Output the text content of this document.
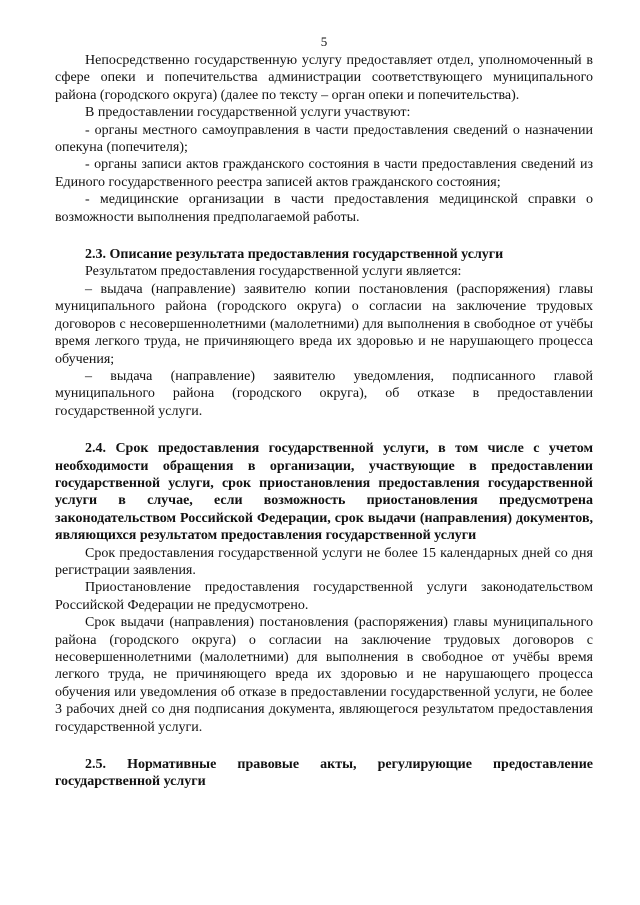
5

Непосредственно государственную услугу предоставляет отдел, уполномоченный в сфере опеки и попечительства администрации соответствующего муниципального района (городского округа) (далее по тексту – орган опеки и попечительства).

В предоставлении государственной услуги участвуют:

- органы местного самоуправления в части предоставления сведений о назначении опекуна (попечителя);

- органы записи актов гражданского состояния в части предоставления сведений из Единого государственного реестра записей актов гражданского состояния;

- медицинские организации в части предоставления медицинской справки о возможности выполнения предполагаемой работы.

2.3. Описание результата предоставления государственной услуги

Результатом предоставления государственной услуги является:

– выдача (направление) заявителю копии постановления (распоряжения) главы муниципального района (городского округа) о согласии на заключение трудовых договоров с несовершеннолетними (малолетними) для выполнения в свободное от учёбы время легкого труда, не причиняющего вреда их здоровью и не нарушающего процесса обучения;

– выдача (направление) заявителю уведомления, подписанного главой муниципального района (городского округа), об отказе в предоставлении государственной услуги.

2.4. Срок предоставления государственной услуги, в том числе с учетом необходимости обращения в организации, участвующие в предоставлении государственной услуги, срок приостановления предоставления государственной услуги в случае, если возможность приостановления предусмотрена законодательством Российской Федерации, срок выдачи (направления) документов, являющихся результатом предоставления государственной услуги

Срок предоставления государственной услуги не более 15 календарных дней со дня регистрации заявления.

Приостановление предоставления государственной услуги законодательством Российской Федерации не предусмотрено.

Срок выдачи (направления) постановления (распоряжения) главы муниципального района (городского округа) о согласии на заключение трудовых договоров с несовершеннолетними (малолетними) для выполнения в свободное от учёбы время легкого труда, не причиняющего вреда их здоровью и не нарушающего процесса обучения или уведомления об отказе в предоставлении государственной услуги, не более 3 рабочих дней со дня подписания документа, являющегося результатом предоставления государственной услуги.

2.5. Нормативные правовые акты, регулирующие предоставление государственной услуги
